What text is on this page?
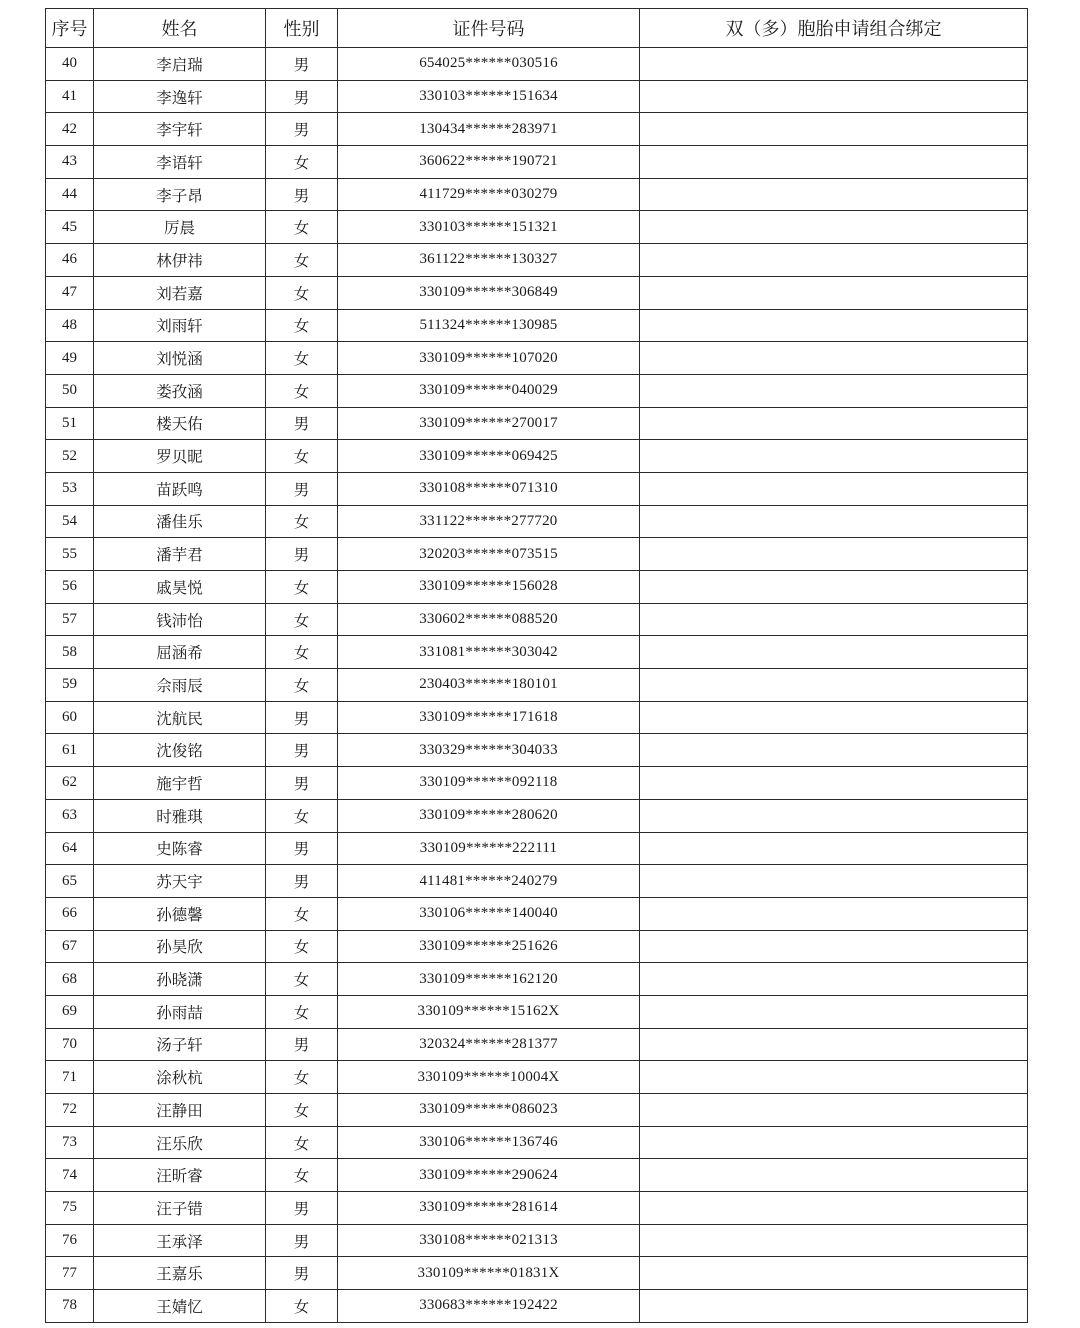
序号	姓名	性别	证件号码	双（多）胞胎申请组合绑定
40	李启瑞	男	654025******030516	
41	李逸轩	男	330103******151634	
42	李宇轩	男	130434******283971	
43	李语轩	女	360622******190721	
44	李子昂	男	411729******030279	
45	厉晨	女	330103******151321	
46	林伊祎	女	361122******130327	
47	刘若嘉	女	330109******306849	
48	刘雨轩	女	511324******130985	
49	刘悦涵	女	330109******107020	
50	娄孜涵	女	330109******040029	
51	楼天佑	男	330109******270017	
52	罗贝昵	女	330109******069425	
53	苗跃鸣	男	330108******071310	
54	潘佳乐	女	331122******277720	
55	潘芋君	男	320203******073515	
56	戚昊悦	女	330109******156028	
57	钱沛怡	女	330602******088520	
58	屈涵希	女	331081******303042	
59	佘雨辰	女	230403******180101	
60	沈航民	男	330109******171618	
61	沈俊铭	男	330329******304033	
62	施宇哲	男	330109******092118	
63	时雅琪	女	330109******280620	
64	史陈睿	男	330109******222111	
65	苏天宇	男	411481******240279	
66	孙德馨	女	330106******140040	
67	孙昊欣	女	330109******251626	
68	孙晓潇	女	330109******162120	
69	孙雨喆	女	330109******15162X	
70	汤子轩	男	320324******281377	
71	涂秋杭	女	330109******10004X	
72	汪静田	女	330109******086023	
73	汪乐欣	女	330106******136746	
74	汪昕睿	女	330109******290624	
75	汪子错	男	330109******281614	
76	王承泽	男	330108******021313	
77	王嘉乐	男	330109******01831X	
78	王婧忆	女	330683******192422	
